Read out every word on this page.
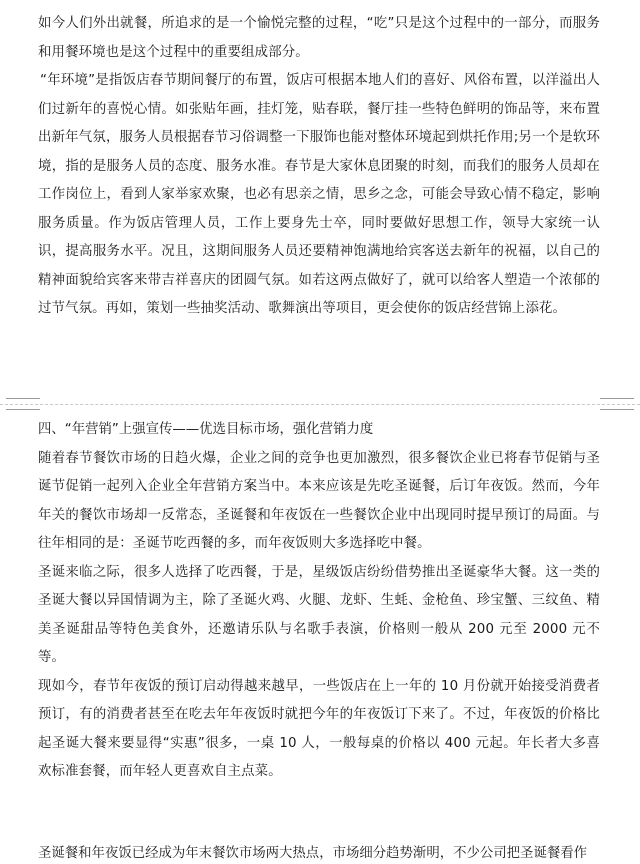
如今人们外出就餐，所追求的是一个愉悦完整的过程，“吃”只是这个过程中的一部分，而服务和用餐环境也是这个过程中的重要组成部分。

“年环境”是指饭店春节期间餐厅的布置，饭店可根据本地人们的喜好、风俗布置，以洋溢出人们过新年的喜悦心情。如张贴年画，挂灯笼，贴春联，餐厅挂一些特色鲜明的饰品等，来布置出新年气氛，服务人员根据春节习俗调整一下服饰也能对整体环境起到烘托作用;另一个是软环境，指的是服务人员的态度、服务水准。春节是大家休息团聚的时刻，而我们的服务人员却在工作岗位上，看到人家举家欢聚，也必有思亲之情，思乡之念，可能会导致心情不稳定，影响服务质量。作为饭店管理人员，工作上要身先士卒，同时要做好思想工作，领导大家统一认识，提高服务水平。况且，这期间服务人员还要精神饱满地给宾客送去新年的祝福，以自己的精神面貌给宾客来带吉祥喜庆的团圆气氛。如若这两点做好了，就可以给客人塑造一个浓郁的过节气氛。再如，策划一些抽奖活动、歌舞演出等项目，更会使你的饭店经营锦上添花。

四、“年营销”上强宣传——优选目标市场，强化营销力度

随着春节餐饮市场的日趋火爆，企业之间的竞争也更加激烈，很多餐饮企业已将春节促销与圣诞节促销一起列入企业全年营销方案当中。本来应该是先吃圣诞餐，后订年夜饭。然而，今年年关的餐饮市场却一反常态，圣诞餐和年夜饭在一些餐饮企业中出现同时提早预订的局面。与往年相同的是：圣诞节吃西餐的多，而年夜饭则大多选择吃中餐。

圣诞来临之际，很多人选择了吃西餐，于是，星级饭店纷纷借势推出圣诞豪华大餐。这一类的圣诞大餐以异国情调为主，除了圣诞火鸡、火腿、龙虾、生蚝、金枪鱼、珍宝蟹、三纹鱼、精美圣诞甜品等特色美食外，还邀请乐队与名歌手表演，价格则一般从 200 元至 2000 元不等。

现如今，春节年夜饭的预订启动得越来越早，一些饭店在上一年的 10 月份就开始接受消费者预订，有的消费者甚至在吃去年年夜饭时就把今年的年夜饭订下来了。不过，年夜饭的价格比起圣诞大餐来要显得“实惠”很多，一桌 10 人，一般每桌的价格以 400 元起。年长者大多喜欢标准套餐，而年轻人更喜欢自主点菜。

圣诞餐和年夜饭已经成为年末餐饮市场两大热点，市场细分趋势渐明，不少公司把圣诞餐看作
